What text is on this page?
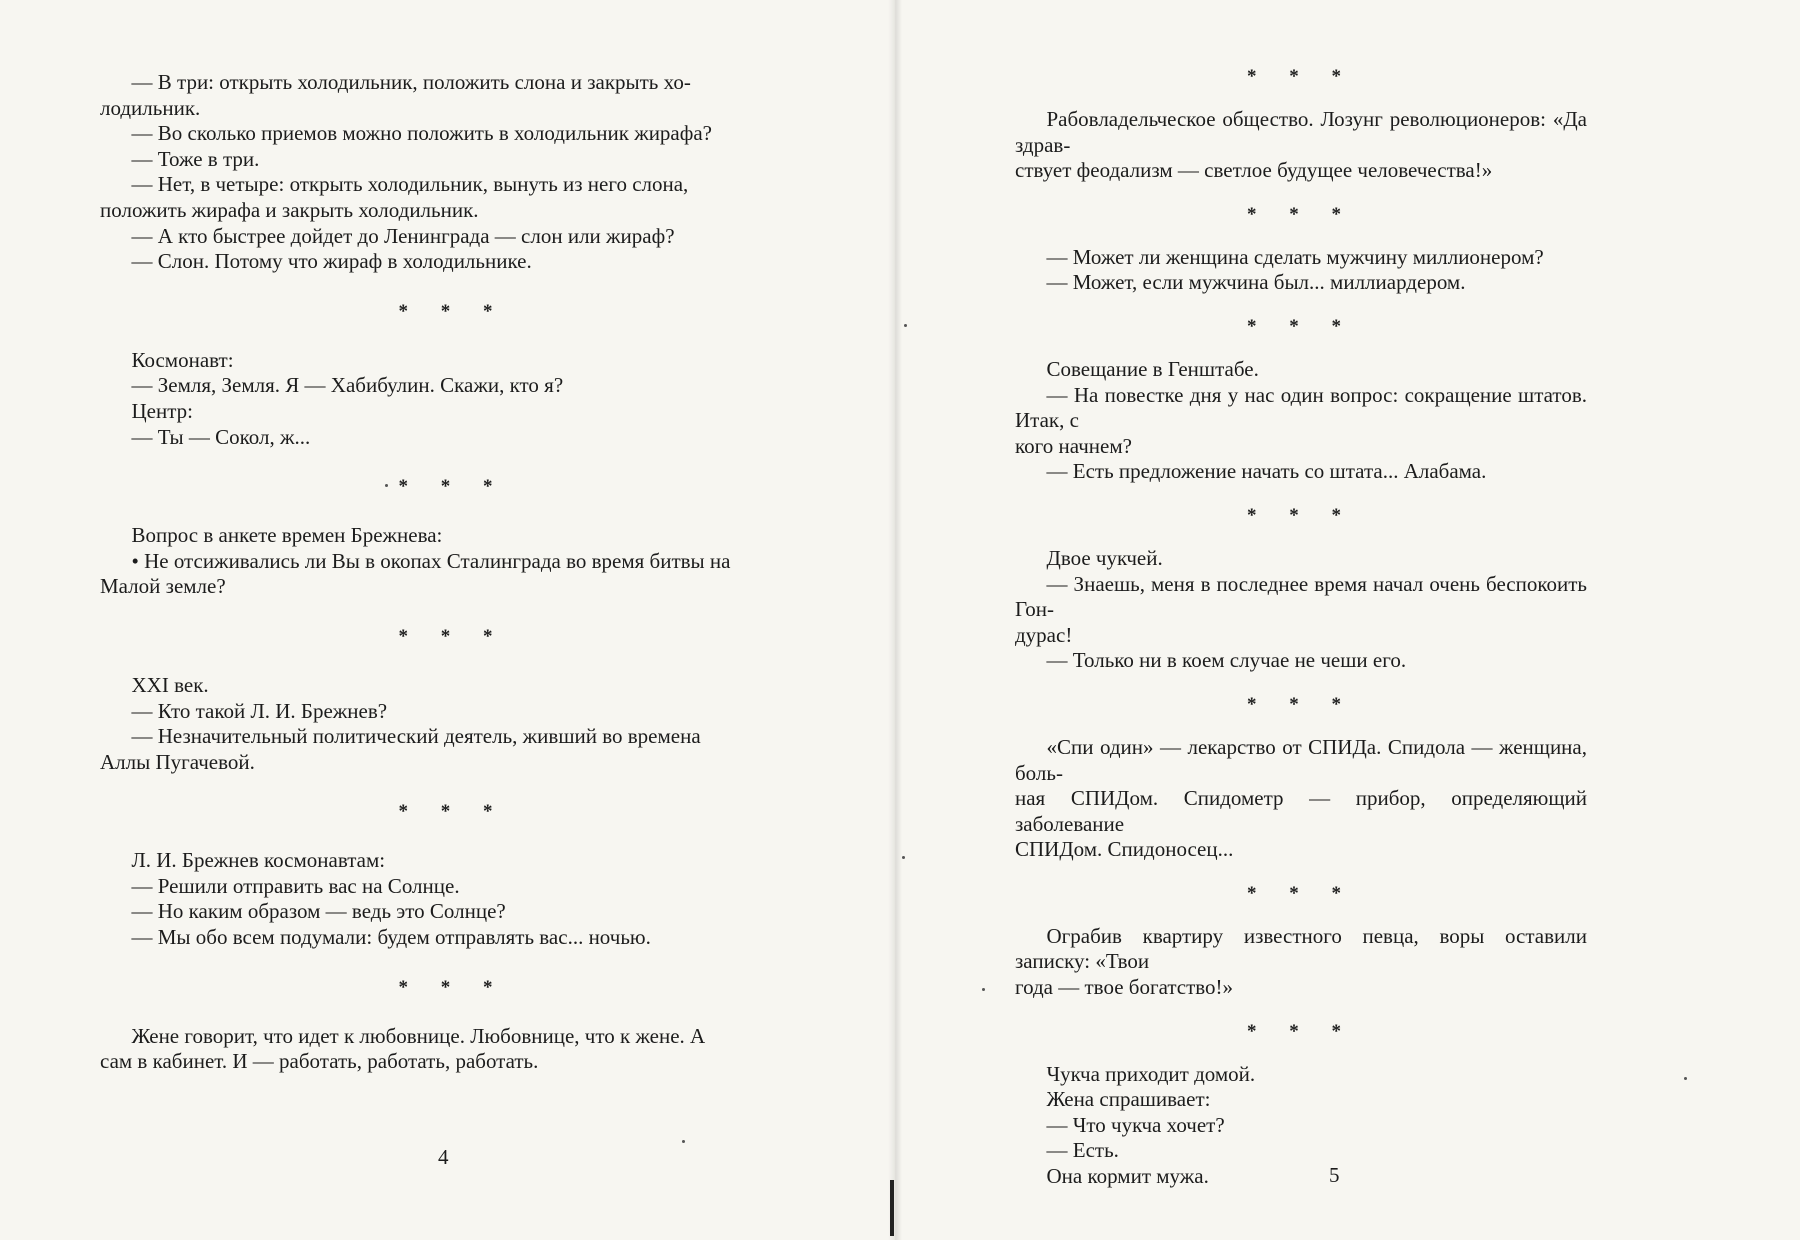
— В три: открыть холодильник, положить слона и закрыть хо-

лодильник.

— Во сколько приемов можно положить в холодильник жирафа?

— Тоже в три.

— Нет, в четыре: открыть холодильник, вынуть из него слона,

положить жирафа и закрыть холодильник.

— А кто быстрее дойдет до Ленинграда — слон или жираф?

— Слон. Потому что жираф в холодильнике.

* * *

Космонавт:

— Земля, Земля. Я — Хабибулин. Скажи, кто я?

Центр:

— Ты — Сокол, ж...

* * *

Вопрос в анкете времен Брежнева:

• Не отсиживались ли Вы в окопах Сталинграда во время битвы на

Малой земле?

* * *

XXI век.

— Кто такой Л. И. Брежнев?

— Незначительный политический деятель, живший во времена

Аллы Пугачевой.

* * *

Л. И. Брежнев космонавтам:

— Решили отправить вас на Солнце.

— Но каким образом — ведь это Солнце?

— Мы обо всем подумали: будем отправлять вас... ночью.

* * *

Жене говорит, что идет к любовнице. Любовнице, что к жене. А

сам в кабинет. И — работать, работать, работать.

4

* * *

Рабовладельческое общество. Лозунг революционеров: «Да здрав-

ствует феодализм — светлое будущее человечества!»

* * *

— Может ли женщина сделать мужчину миллионером?

— Может, если мужчина был... миллиардером.

* * *

Совещание в Генштабе.

— На повестке дня у нас один вопрос: сокращение штатов. Итак, с

кого начнем?

— Есть предложение начать со штата... Алабама.

* * *

Двое чукчей.

— Знаешь, меня в последнее время начал очень беспокоить Гон-

дурас!

— Только ни в коем случае не чеши его.

* * *

«Спи один» — лекарство от СПИДа. Спидола — женщина, боль-

ная СПИДом. Спидометр — прибор, определяющий заболевание

СПИДом. Спидоносец...

* * *

Ограбив квартиру известного певца, воры оставили записку: «Твои

года — твое богатство!»

* * *

Чукча приходит домой.

Жена спрашивает:

— Что чукча хочет?

— Есть.

Она кормит мужа.	5
